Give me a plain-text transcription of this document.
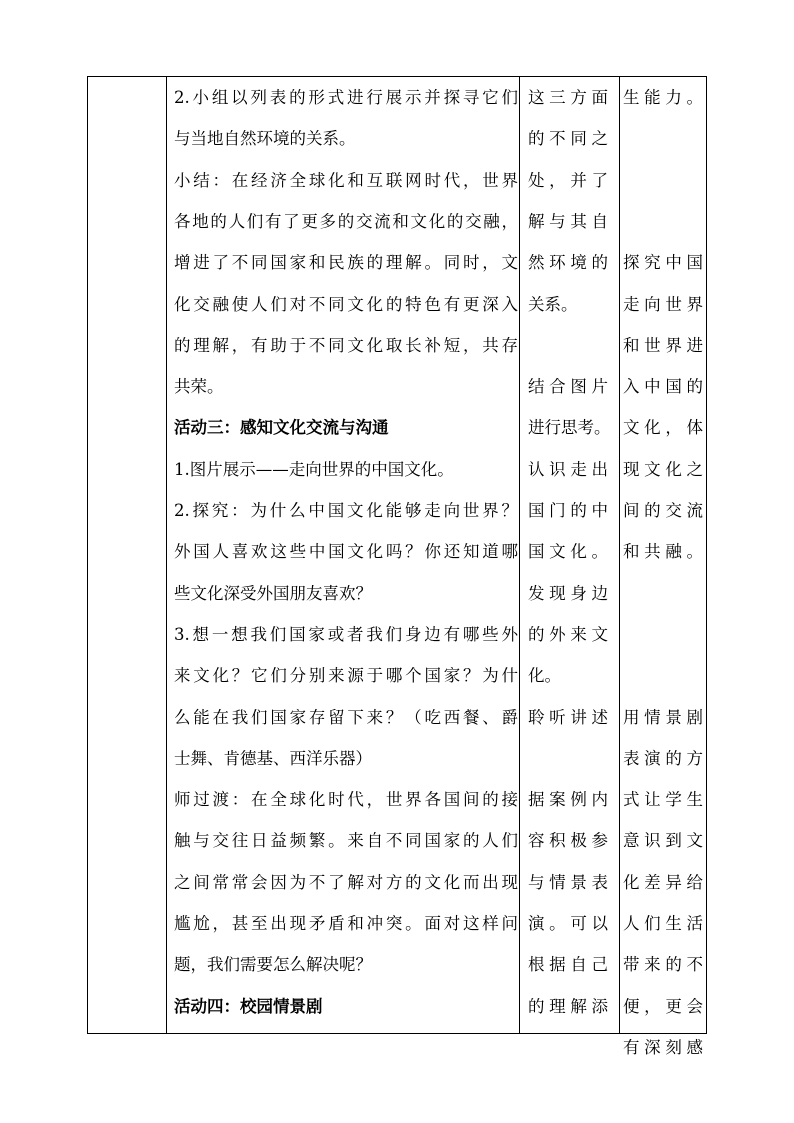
2.小组以列表的形式进行展示并探寻它们
与当地自然环境的关系。
小结：在经济全球化和互联网时代，世界
各地的人们有了更多的交流和文化的交融，
增进了不同国家和民族的理解。同时，文
化交融使人们对不同文化的特色有更深入
的理解，有助于不同文化取长补短，共存
共荣。
活动三：感知文化交流与沟通
1.图片展示——走向世界的中国文化。
2.探究：为什么中国文化能够走向世界？
外国人喜欢这些中国文化吗？你还知道哪
些文化深受外国朋友喜欢？
3.想一想我们国家或者我们身边有哪些外
来文化？它们分别来源于哪个国家？为什
么能在我们国家存留下来？（吃西餐、爵
士舞、肯德基、西洋乐器）
师过渡：在全球化时代，世界各国间的接
触与交往日益频繁。来自不同国家的人们
之间常常会因为不了解对方的文化而出现
尴尬，甚至出现矛盾和冲突。面对这样问
题，我们需要怎么解决呢？
活动四：校园情景剧
这三方面
的不同之
处，并了
解与其自
然环境的
关系。
结合图片
进行思考。
认识走出
国门的中
国文化。
发现身边
的外来文
化。
聆听讲述
据案例内
容积极参
与情景表
演。可以
根据自己
的理解添
生能力。
探究中国
走向世界
和世界进
入中国的
文化，体
现文化之
间的交流
和共融。
用情景剧
表演的方
式让学生
意识到文
化差异给
人们生活
带来的不
便，更会
有深刻感
